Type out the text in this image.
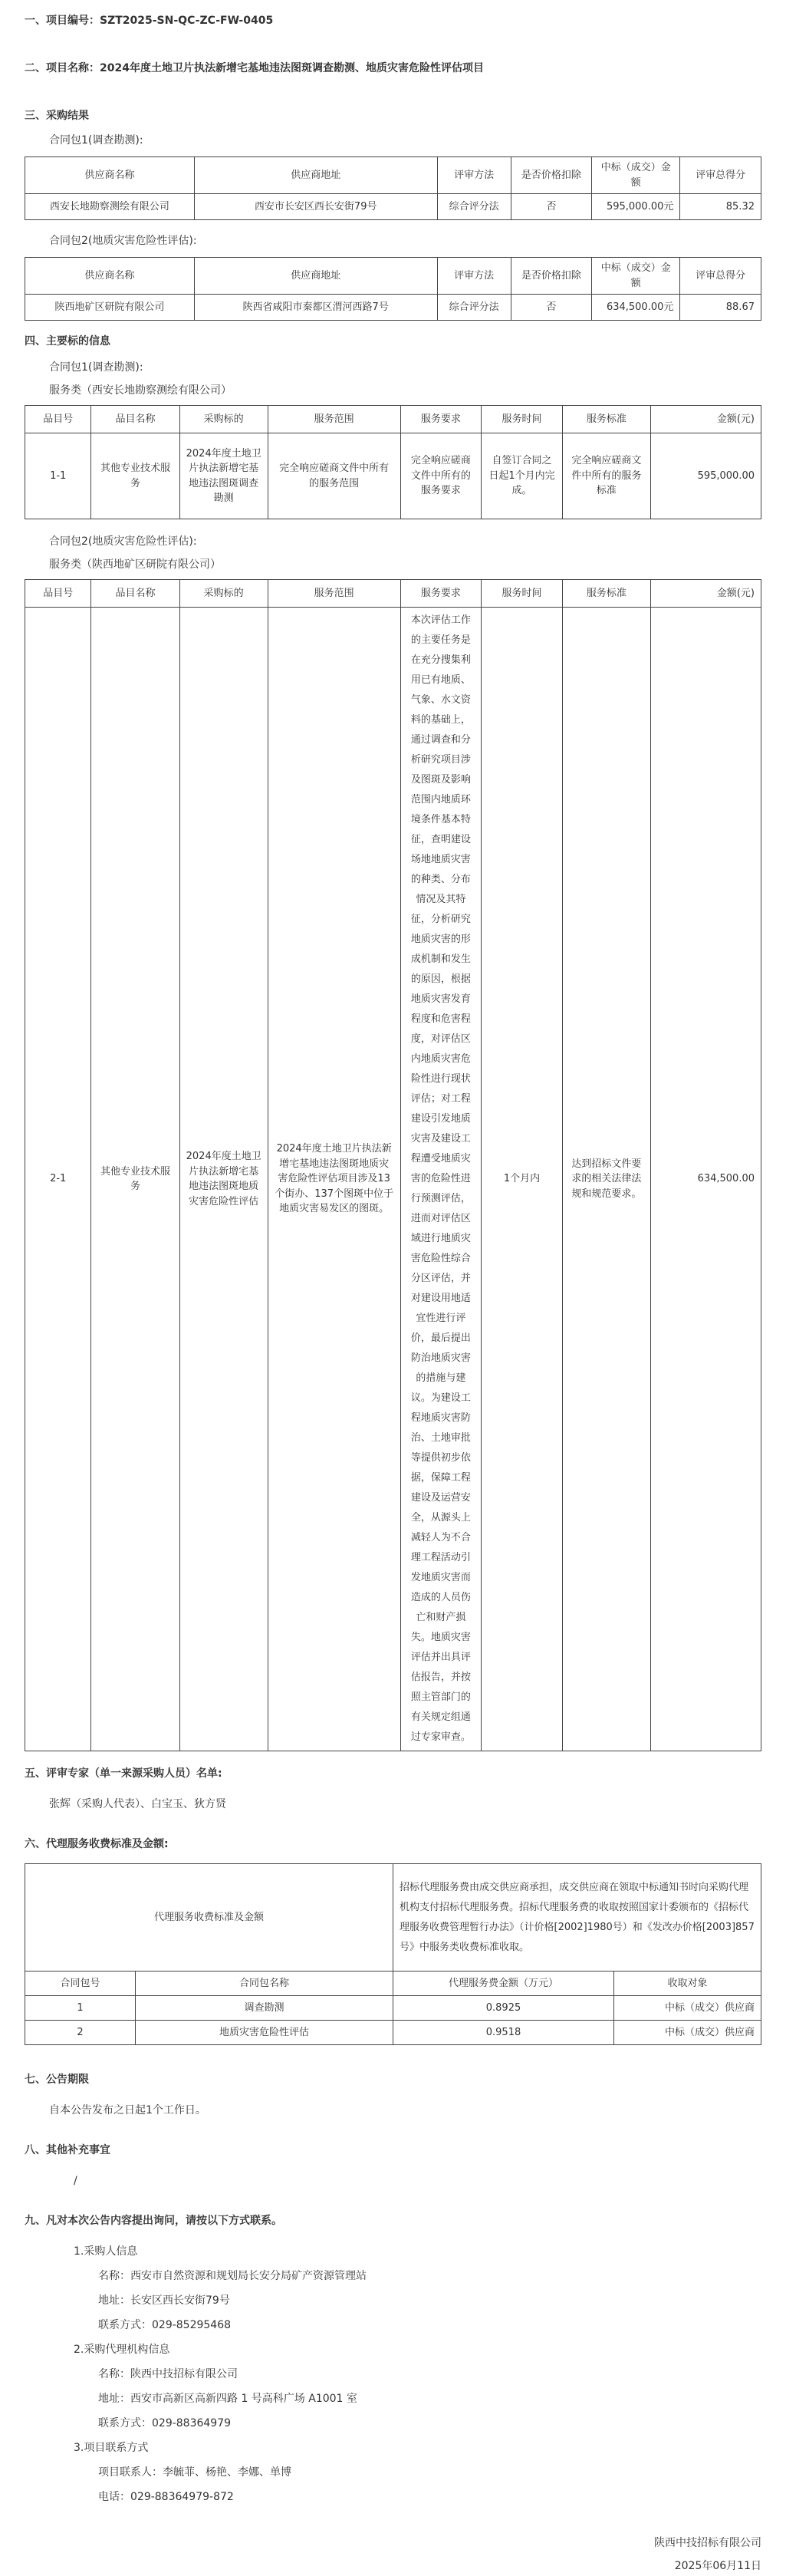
一、项目编号：SZT2025-SN-QC-ZC-FW-0405
二、项目名称：2024年度土地卫片执法新增宅基地违法图斑调查勘测、地质灾害危险性评估项目
三、采购结果
合同包1(调查勘测):
供应商名称	供应商地址	评审方法	是否价格扣除	中标（成交）金额	评审总得分
西安长地勘察测绘有限公司	西安市长安区西长安街79号	综合评分法	否	595,000.00元	85.32
合同包2(地质灾害危险性评估):
供应商名称	供应商地址	评审方法	是否价格扣除	中标（成交）金额	评审总得分
陕西地矿区研院有限公司	陕西省咸阳市秦都区渭河西路7号	综合评分法	否	634,500.00元	88.67
四、主要标的信息
合同包1(调查勘测):
服务类（西安长地勘察测绘有限公司）
品目号	品目名称	采购标的	服务范围	服务要求	服务时间	服务标准	金额(元)
1-1	其他专业技术服务	2024年度土地卫片执法新增宅基地违法图斑调查勘测	完全响应磋商文件中所有的服务范围	完全响应磋商文件中所有的服务要求	自签订合同之日起1个月内完成。	完全响应磋商文件中所有的服务标准	595,000.00
合同包2(地质灾害危险性评估):
服务类（陕西地矿区研院有限公司）
品目号	品目名称	采购标的	服务范围	服务要求	服务时间	服务标准	金额(元)
2-1	其他专业技术服务	2024年度土地卫片执法新增宅基地违法图斑地质灾害危险性评估	2024年度土地卫片执法新增宅基地违法图斑地质灾害危险性评估项目涉及13个街办、137个图斑中位于地质灾害易发区的图斑。	本次评估工作的主要任务是在充分搜集利用已有地质、气象、水文资料的基础上，通过调查和分析研究项目涉及图斑及影响范围内地质环境条件基本特征，查明建设场地地质灾害的种类、分布情况及其特征，分析研究地质灾害的形成机制和发生的原因，根据地质灾害发育程度和危害程度，对评估区内地质灾害危险性进行现状评估；对工程建设引发地质灾害及建设工程遭受地质灾害的危险性进行预测评估，进而对评估区域进行地质灾害危险性综合分区评估，并对建设用地适宜性进行评价，最后提出防治地质灾害的措施与建议。为建设工程地质灾害防治、土地审批等提供初步依据，保障工程建设及运营安全，从源头上减轻人为不合理工程活动引发地质灾害而造成的人员伤亡和财产损失。地质灾害评估并出具评估报告，并按照主管部门的有关规定组通过专家审查。	1个月内	达到招标文件要求的相关法律法规和规范要求。	634,500.00
五、评审专家（单一来源采购人员）名单:
张辉（采购人代表）、白宝玉、狄方贤
六、代理服务收费标准及金额:
代理服务收费标准及金额		招标代理服务费由成交供应商承担，成交供应商在领取中标通知书时向采购代理机构支付招标代理服务费。招标代理服务费的收取按照国家计委颁布的《招标代理服务收费管理暂行办法》（计价格[2002]1980号）和《发改办价格[2003]857号》中服务类收费标准收取。	
合同包号	合同包名称	代理服务费金额（万元）	收取对象
1	调查勘测	0.8925	中标（成交）供应商
2	地质灾害危险性评估	0.9518	中标（成交）供应商
七、公告期限
自本公告发布之日起1个工作日。
八、其他补充事宜
/
九、凡对本次公告内容提出询问，请按以下方式联系。
1.采购人信息
名称：西安市自然资源和规划局长安分局矿产资源管理站
地址：长安区西长安街79号
联系方式：029-85295468
2.采购代理机构信息
名称：陕西中技招标有限公司
地址：西安市高新区高新四路 1 号高科广场 A1001 室
联系方式：029-88364979
3.项目联系方式
项目联系人：李毓菲、杨艳、李娜、单博
电话：029-88364979-872
陕西中技招标有限公司
2025年06月11日
